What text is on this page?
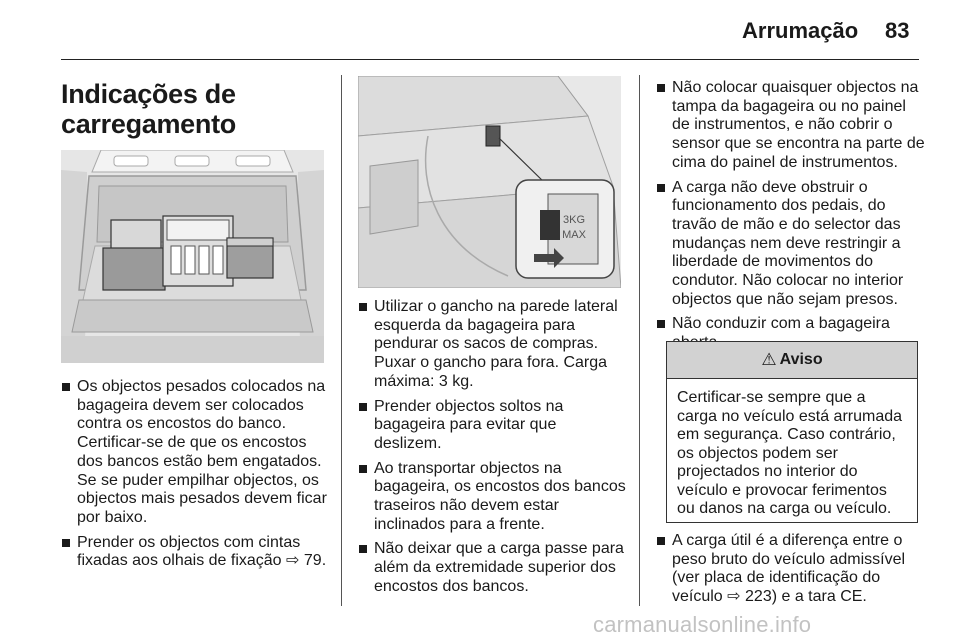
Arrumação 83
Indicações de carregamento
Os objectos pesados colocados na bagageira devem ser colocados contra os encostos do banco. Certificar-se de que os encostos dos bancos estão bem engatados. Se se puder empilhar objectos, os objectos mais pesados devem ficar por baixo.
Prender os objectos com cintas fixadas aos olhais de fixação ⇨ 79.
3KG
MAX
Utilizar o gancho na parede lateral esquerda da bagageira para pendurar os sacos de compras. Puxar o gancho para fora. Carga máxima: 3 kg.
Prender objectos soltos na bagageira para evitar que deslizem.
Ao transportar objectos na bagageira, os encostos dos bancos traseiros não devem estar inclinados para a frente.
Não deixar que a carga passe para além da extremidade superior dos encostos dos bancos.
Não colocar quaisquer objectos na tampa da bagageira ou no painel de instrumentos, e não cobrir o sensor que se encontra na parte de cima do painel de instrumentos.
A carga não deve obstruir o funcionamento dos pedais, do travão de mão e do selector das mudanças nem deve restringir a liberdade de movimentos do condutor. Não colocar no interior objectos que não sejam presos.
Não conduzir com a bagageira
⚠ Aviso
Certificar-se sempre que a carga no veículo está arrumada em segurança. Caso contrário, os objectos podem ser projectados no interior do veículo e provocar ferimentos ou danos na carga ou veículo.
A carga útil é a diferença entre o peso bruto do veículo admissível (ver placa de identificação do veículo ⇨ 223) e a tara CE.
carmanualsonline.info
